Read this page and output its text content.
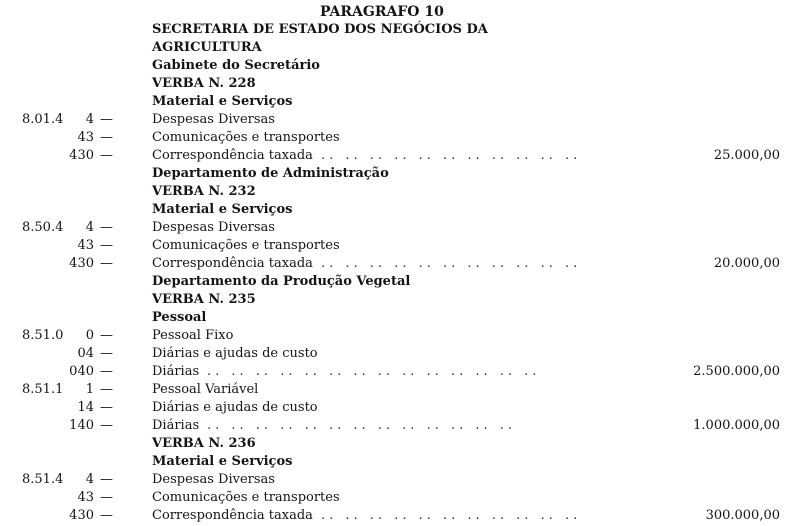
PARAGRAFO 10
SECRETARIA DE ESTADO DOS NEGÓCIOS DA
AGRICULTURA
Gabinete do Secretário
VERBA N. 228
Material e Serviços
8.01.4	4 —	Despesas Diversas
43 —	Comunicações e transportes
430 —	Correspondência taxada .. .. .. .. .. .. .. .. .. .. ..	25.000,00
Departamento de Administração
VERBA N. 232
Material e Serviços
8.50.4	4 —	Despesas Diversas
43 —	Comunicações e transportes
430 —	Correspondência taxada .. .. .. .. .. .. .. .. .. .. ..	20.000,00
Departamento da Produção Vegetal
VERBA N. 235
Pessoal
8.51.0	0 —	Pessoal Fixo
04 —	Diárias e ajudas de custo
040 —	Diárias .. .. .. .. .. .. .. .. .. .. .. .. .. ..	2.500.000,00
8.51.1	1 —	Pessoal Variável
14 —	Diárias e ajudas de custo
140 —	Diárias .. .. .. .. .. .. .. .. .. .. .. .. ..	1.000.000,00
VERBA N. 236
Material e Serviços
8.51.4	4 —	Despesas Diversas
43 —	Comunicações e transportes
430 —	Correspondência taxada .. .. .. .. .. .. .. .. .. .. ..	300.000,00
